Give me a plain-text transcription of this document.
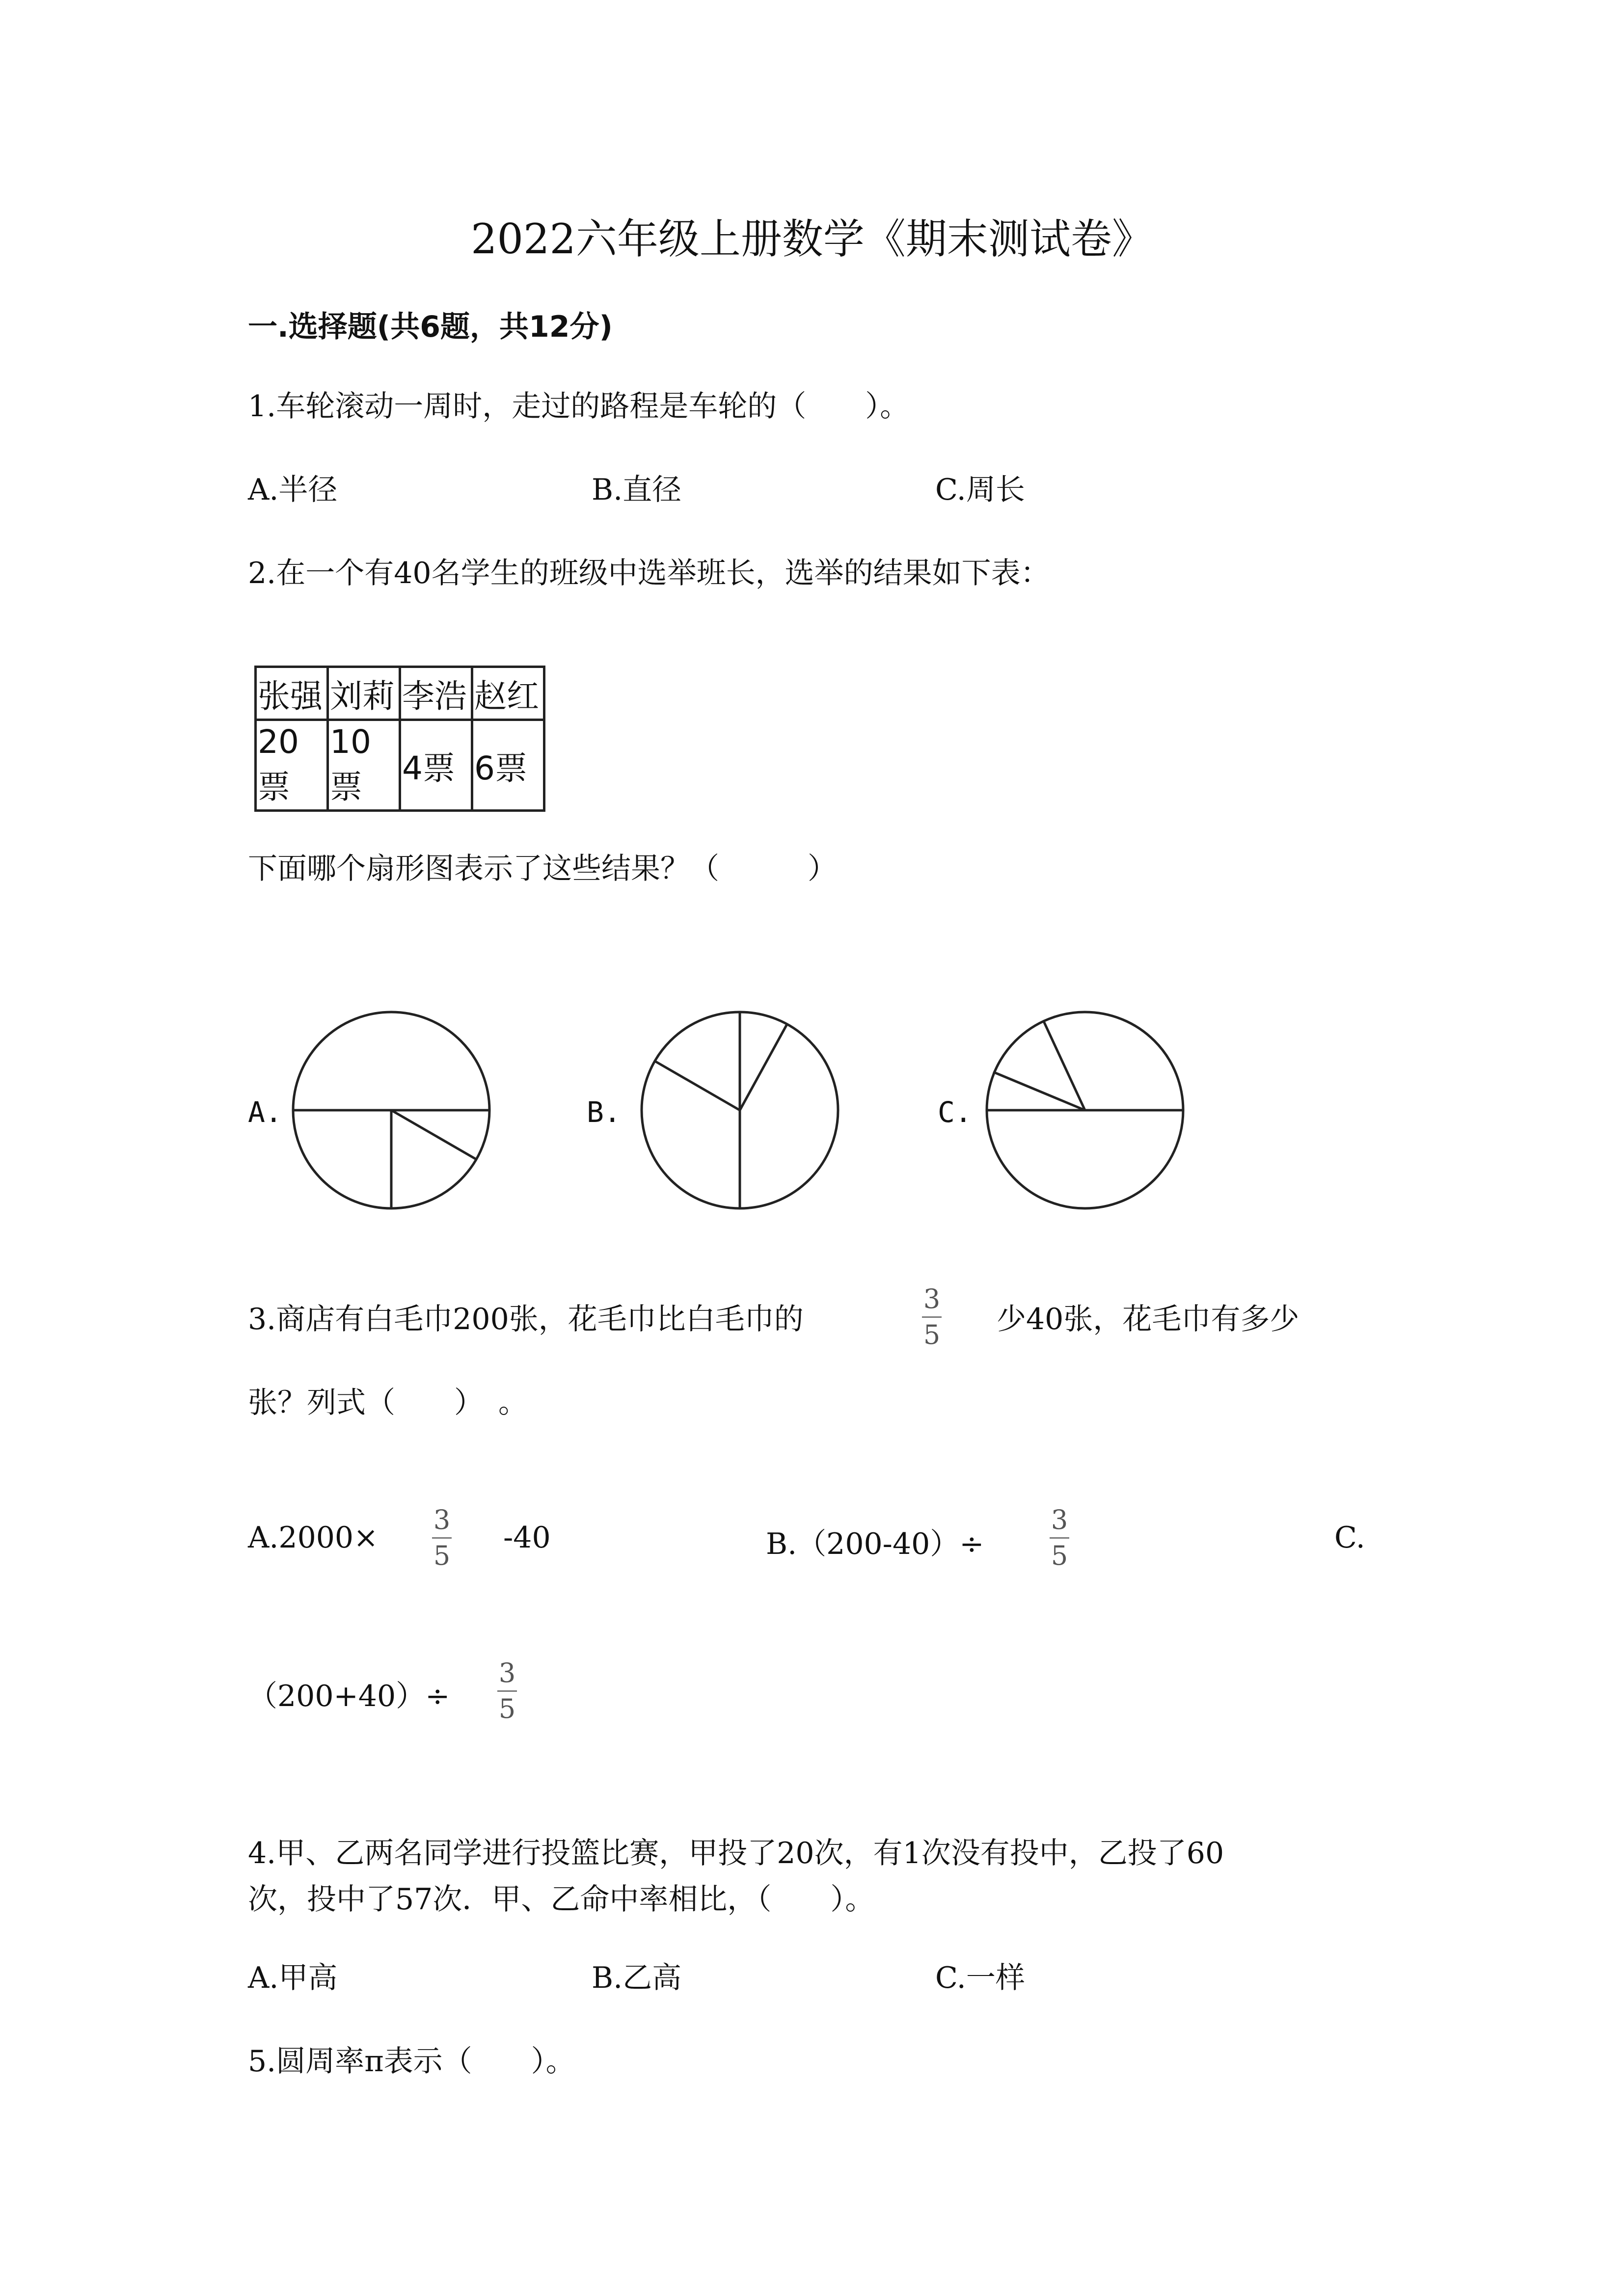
2022六年级上册数学《期末测试卷》
一.选择题(共6题，共12分)
1.车轮滚动一周时，走过的路程是车轮的（　　）。
A.半径	B.直径	C.周长
2.在一个有40名学生的班级中选举班长，选举的结果如下表：
张强	刘莉	李浩	赵红
20票	10票	4票	6票
下面哪个扇形图表示了这些结果？（　　　）
A.	B.	C.
3.商店有白毛巾200张，花毛巾比白毛巾的
3
5 少40张，花毛巾有多少
张？列式（　　）　。
A.2000×
3
5
-40	B.（200-40）÷
3
5
C.
（200+40）÷
3
5
4.甲、乙两名同学进行投篮比赛，甲投了20次，有1次没有投中，乙投了60
次，投中了57次．甲、乙命中率相比，（　　）。
A.甲高	B.乙高	C.一样
5.圆周率π表示（　　）。
